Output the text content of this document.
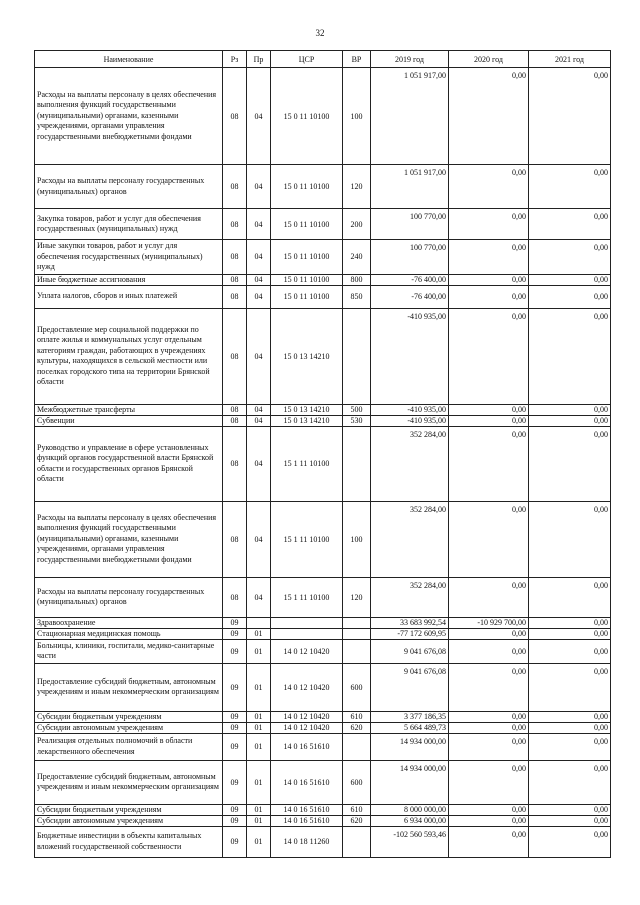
32
Наименование	Рз	Пр	ЦСР	ВР	2019 год	2020 год	2021 год
Расходы на выплаты персоналу в целях обеспечения выполнения функций государственными (муниципальными) органами, казенными учреждениями, органами управления государственными внебюджетными фондами	08	04	15 0 11 10100	100	1 051 917,00	0,00	0,00
Расходы на выплаты персоналу государственных (муниципальных) органов	08	04	15 0 11 10100	120	1 051 917,00	0,00	0,00
Закупка товаров, работ и услуг для обеспечения государственных (муниципальных) нужд	08	04	15 0 11 10100	200	100 770,00	0,00	0,00
Иные закупки товаров, работ и услуг для обеспечения государственных (муниципальных) нужд	08	04	15 0 11 10100	240	100 770,00	0,00	0,00
Иные бюджетные ассигнования	08	04	15 0 11 10100	800	-76 400,00	0,00	0,00
Уплата налогов, сборов и иных платежей	08	04	15 0 11 10100	850	-76 400,00	0,00	0,00
Предоставление мер социальной поддержки по оплате жилья и коммунальных услуг отдельным категориям граждан, работающих в учреждениях культуры, находящихся в сельской местности или поселках городского типа на территории Брянской области	08	04	15 0 13 14210		-410 935,00	0,00	0,00
Межбюджетные трансферты	08	04	15 0 13 14210	500	-410 935,00	0,00	0,00
Субвенции	08	04	15 0 13 14210	530	-410 935,00	0,00	0,00
Руководство и управление в сфере установленных функций органов государственной власти Брянской области и государственных органов Брянской области	08	04	15 1 11 10100		352 284,00	0,00	0,00
Расходы на выплаты персоналу в целях обеспечения выполнения функций государственными (муниципальными) органами, казенными учреждениями, органами управления государственными внебюджетными фондами	08	04	15 1 11 10100	100	352 284,00	0,00	0,00
Расходы на выплаты персоналу государственных (муниципальных) органов	08	04	15 1 11 10100	120	352 284,00	0,00	0,00
Здравоохранение	09				33 683 992,54	-10 929 700,00	0,00
Стационарная медицинская помощь	09	01			-77 172 609,95	0,00	0,00
Больницы, клиники, госпитали, медико-санитарные части	09	01	14 0 12 10420		9 041 676,08	0,00	0,00
Предоставление субсидий бюджетным, автономным учреждениям и иным некоммерческим организациям	09	01	14 0 12 10420	600	9 041 676,08	0,00	0,00
Субсидии бюджетным учреждениям	09	01	14 0 12 10420	610	3 377 186,35	0,00	0,00
Субсидии автономным учреждениям	09	01	14 0 12 10420	620	5 664 489,73	0,00	0,00
Реализация отдельных полномочий в области лекарственного обеспечения	09	01	14 0 16 51610		14 934 000,00	0,00	0,00
Предоставление субсидий бюджетным, автономным учреждениям и иным некоммерческим организациям	09	01	14 0 16 51610	600	14 934 000,00	0,00	0,00
Субсидии бюджетным учреждениям	09	01	14 0 16 51610	610	8 000 000,00	0,00	0,00
Субсидии автономным учреждениям	09	01	14 0 16 51610	620	6 934 000,00	0,00	0,00
Бюджетные инвестиции в объекты капитальных вложений государственной собственности	09	01	14 0 18 11260		-102 560 593,46	0,00	0,00
